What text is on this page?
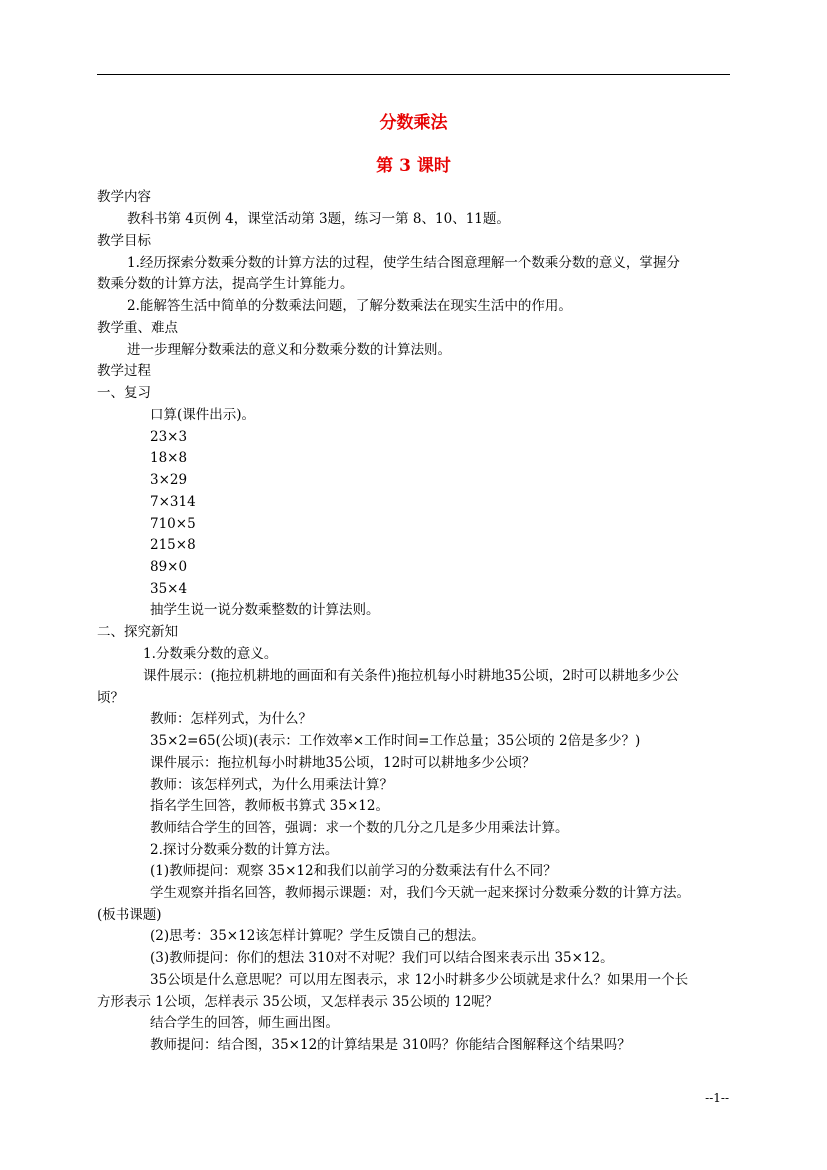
分数乘法
第 3 课时
教学内容
教科书第 4页例 4，课堂活动第 3题，练习一第 8、10、11题。
教学目标
1.经历探索分数乘分数的计算方法的过程，使学生结合图意理解一个数乘分数的意义，掌握分
数乘分数的计算方法，提高学生计算能力。
2.能解答生活中简单的分数乘法问题，了解分数乘法在现实生活中的作用。
教学重、难点
进一步理解分数乘法的意义和分数乘分数的计算法则。
教学过程
一、复习
口算(课件出示)。
23×3
18×8
3×29
7×314
710×5
215×8
89×0
35×4
抽学生说一说分数乘整数的计算法则。
二、探究新知
1.分数乘分数的意义。
课件展示：(拖拉机耕地的画面和有关条件)拖拉机每小时耕地35公顷，2时可以耕地多少公
顷？
教师：怎样列式，为什么？
35×2=65(公顷)(表示：工作效率×工作时间=工作总量；35公顷的 2倍是多少？)
课件展示：拖拉机每小时耕地35公顷，12时可以耕地多少公顷？
教师：该怎样列式，为什么用乘法计算？
指名学生回答，教师板书算式 35×12。
教师结合学生的回答，强调：求一个数的几分之几是多少用乘法计算。
2.探讨分数乘分数的计算方法。
(1)教师提问：观察 35×12和我们以前学习的分数乘法有什么不同？
学生观察并指名回答，教师揭示课题：对，我们今天就一起来探讨分数乘分数的计算方法。
(板书课题)
(2)思考：35×12该怎样计算呢？学生反馈自己的想法。
(3)教师提问：你们的想法 310对不对呢？我们可以结合图来表示出 35×12。
35公顷是什么意思呢？可以用左图表示，求 12小时耕多少公顷就是求什么？如果用一个长
方形表示 1公顷，怎样表示 35公顷，又怎样表示 35公顷的 12呢？
结合学生的回答，师生画出图。
教师提问：结合图，35×12的计算结果是 310吗？你能结合图解释这个结果吗？
--1--
